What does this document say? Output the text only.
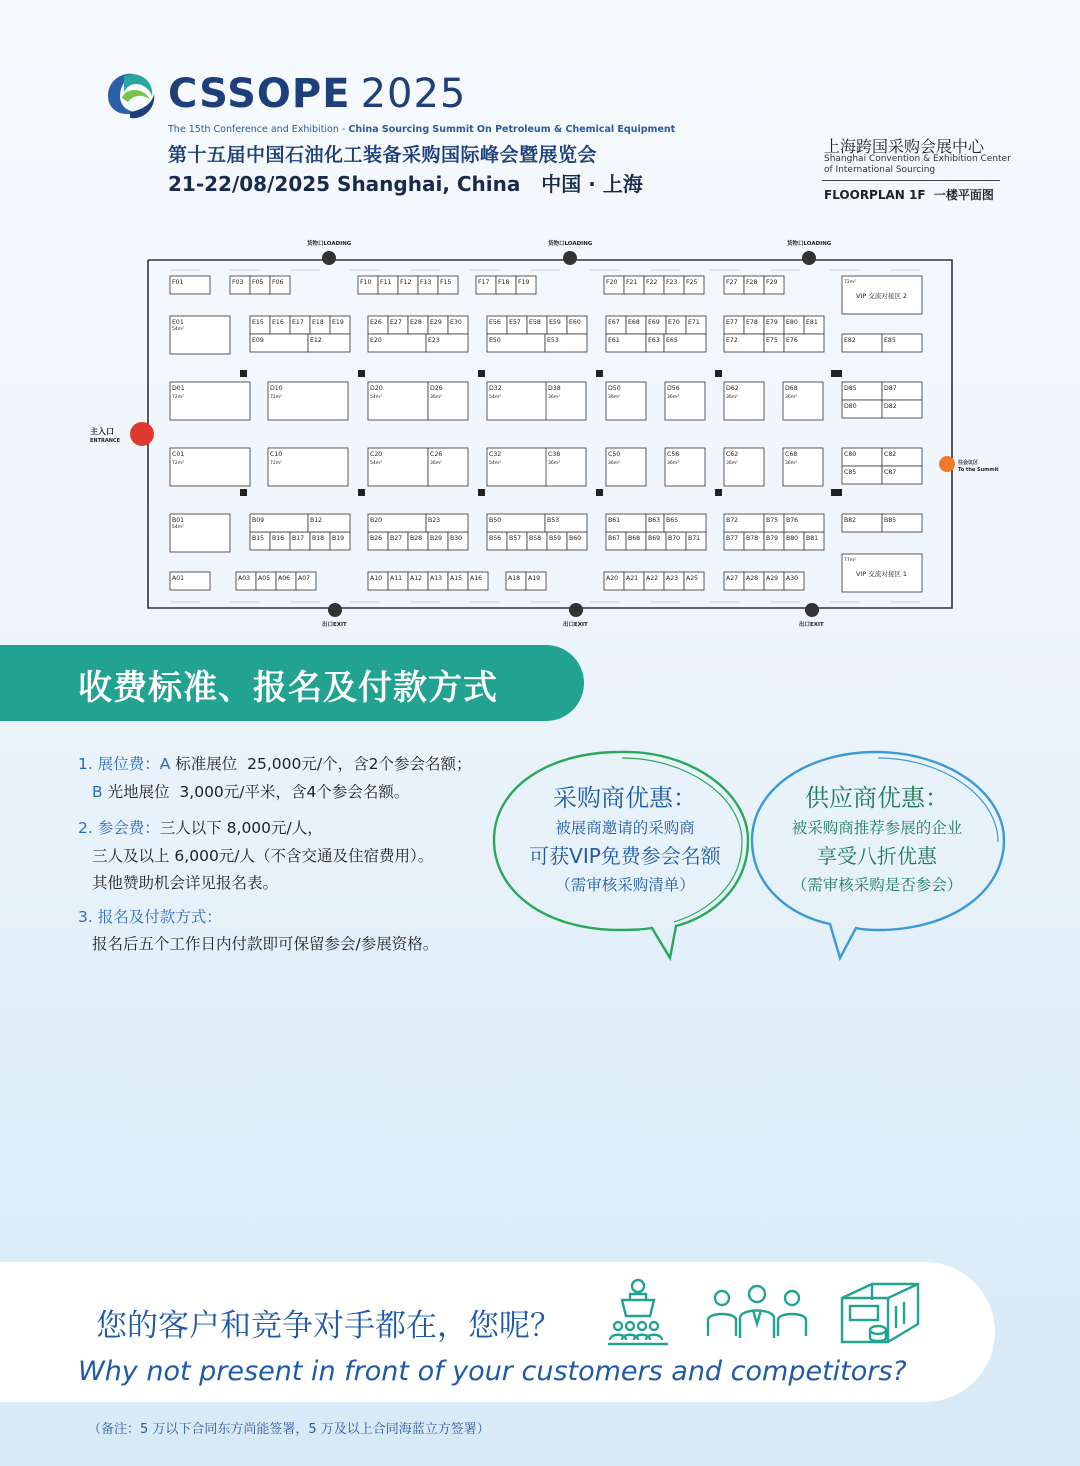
CSSOPE 2025
The 15th Conference and Exhibition - China Sourcing Summit On Petroleum & Chemical Equipment
第十五届中国石油化工装备采购国际峰会暨展览会
21-22/08/2025 Shanghai, China   中国 · 上海
上海跨国采购会展中心
Shanghai Convention & Exhibition Center
of International Sourcing
FLOORPLAN 1F  一楼平面图
货物口LOADING	货物口LOADING	货物口LOADING
出口EXIT	出口EXIT	出口EXIT
主入口
ENTRANCE
往会议区
To the Summit
F01	F03 F05 F06	F10 F11 F12 F13 F15	F17 F18 F19	F20 F21 F22 F23 F25	F27 F28 F29
E01
54m²
B01
54m²
E15
B15
E16
B16
E17
B17
E18
B18
E19
B19
E26
B26
E27
B27
E28
B28
E29
B29
E30
B30
E56
B56
E57
B57
E58
B58
E59
B59
E60
B60
E67
B67
E68
B68
E69
B69
E70
B70
E71
B71
E77
B77
E78
B78
E79
B79
E80
B80
E81
B81
E09
B09
E12
B12
E20
B20
E23
B23
E50
B50
E53
B53
E61
B61
E63
B63
E65
B65
E72
B72
E75
B75
E76
B76
E82	E85
B82	B85
72m²
VIP 交流对接区 2
77m²
VIP 交流对接区 1
D01
72m²
C01
72m²
D10
72m²
C10
72m²
D20
54m²
C20
54m²
D26
36m²
C26
36m²
D32
54m²
C32
54m²
D38
36m²
C38
36m²
D50
36m²
C50
36m²
D56
36m²
C56
36m²
D62
36m²
C62
36m²
D68
36m²
C68
36m²
D85	D87
D80	D82
C80	C82
C85	C87
A01	A03 A05 A06 A07	A10 A11 A12 A13 A15 A16	A18 A19	A20 A21 A22 A23 A25	A27 A28 A29 A30
收费标准、报名及付款方式
1. 展位费：A 标准展位  25,000元/个，含2个参会名额；
B 光地展位  3,000元/平米，含4个参会名额。
2. 参会费：三人以下 8,000元/人，
三人及以上 6,000元/人（不含交通及住宿费用）。
其他赞助机会详见报名表。
3. 报名及付款方式：
报名后五个工作日内付款即可保留参会/参展资格。
采购商优惠：
被展商邀请的采购商
可获VIP免费参会名额
（需审核采购清单）
供应商优惠：
被采购商推荐参展的企业
享受八折优惠
（需审核采购是否参会）
您的客户和竞争对手都在，您呢？
Why not present in front of your customers and competitors?
（备注：5 万以下合同东方尚能签署，5 万及以上合同海蓝立方签署）
